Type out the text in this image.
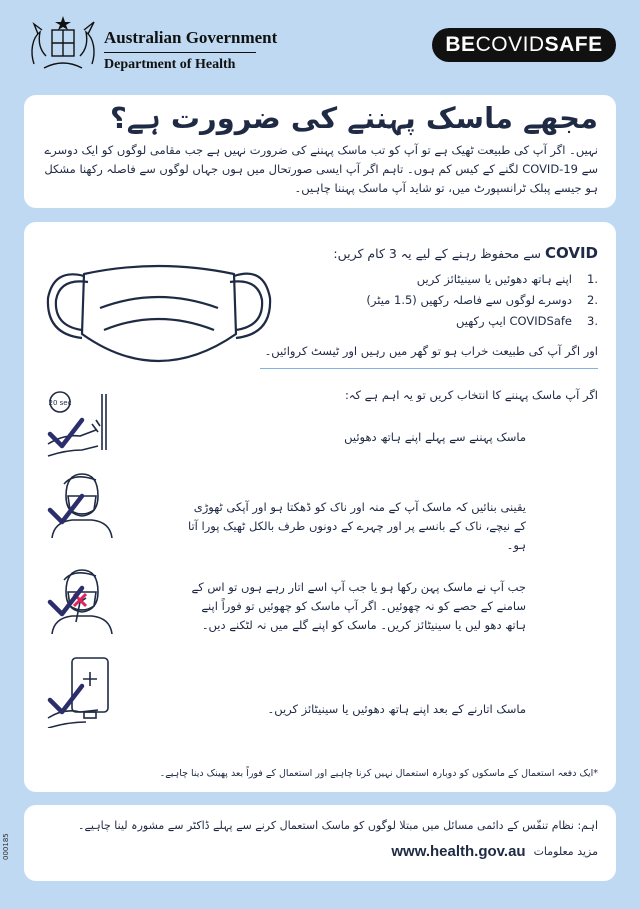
Australian Government
Department of Health
BE COVID SAFE
مجھے ماسک پہننے کی ضرورت ہے؟
نہیں۔ اگر آپ کی طبیعت ٹھیک ہے تو آپ کو تب ماسک پہننے کی ضرورت نہیں ہے جب مقامی لوگوں کو ایک دوسرے سے COVID-19 لگنے کے کیس کم ہوں۔ تاہم اگر آپ ایسی صورتحال میں ہوں جہاں لوگوں سے فاصلہ رکھنا مشکل ہو جیسے پبلک ٹرانسپورٹ میں، تو شاید آپ ماسک پہننا چاہیں۔
COVID سے محفوظ رہنے کے لیے یہ 3 کام کریں:
.1
اپنے ہاتھ دھوئیں یا سینیٹائز کریں
.2
دوسرے لوگوں سے فاصلہ رکھیں (1.5 میٹر)
.3
COVIDSafe ایپ رکھیں
اور اگر آپ کی طبیعت خراب ہو تو گھر میں رہیں اور ٹیسٹ کروائیں۔
اگر آپ ماسک پہننے کا انتخاب کریں تو یہ اہم ہے کہ:
20 sec
ماسک پہننے سے پہلے اپنے ہاتھ دھوئیں
یقینی بنائیں کہ ماسک آپ کے منہ اور ناک کو ڈھکتا ہو اور آپکی ٹھوڑی کے نیچے، ناک کے بانسے پر اور چہرے کے دونوں طرف بالکل ٹھیک پورا آتا ہو۔
جب آپ نے ماسک پہن رکھا ہو یا جب آپ اسے اتار رہے ہوں تو اس کے سامنے کے حصے کو نہ چھوئیں۔ اگر آپ ماسک کو چھوئیں تو فوراً اپنے ہاتھ دھو لیں یا سینیٹائز کریں۔ ماسک کو اپنے گلے میں نہ لٹکنے دیں۔
ماسک اتارنے کے بعد اپنے ہاتھ دھوئیں یا سینیٹائز کریں۔
*ایک دفعہ استعمال کے ماسکوں کو دوبارہ استعمال نہیں کرنا چاہیے اور استعمال کے فوراً بعد پھینک دینا چاہیے۔
اہم: نظام تنفّس کے دائمی مسائل میں مبتلا لوگوں کو ماسک استعمال کرنے سے پہلے ڈاکٹر سے مشورہ لینا چاہیے۔
مزید معلومات
www.health.gov.au
000185
